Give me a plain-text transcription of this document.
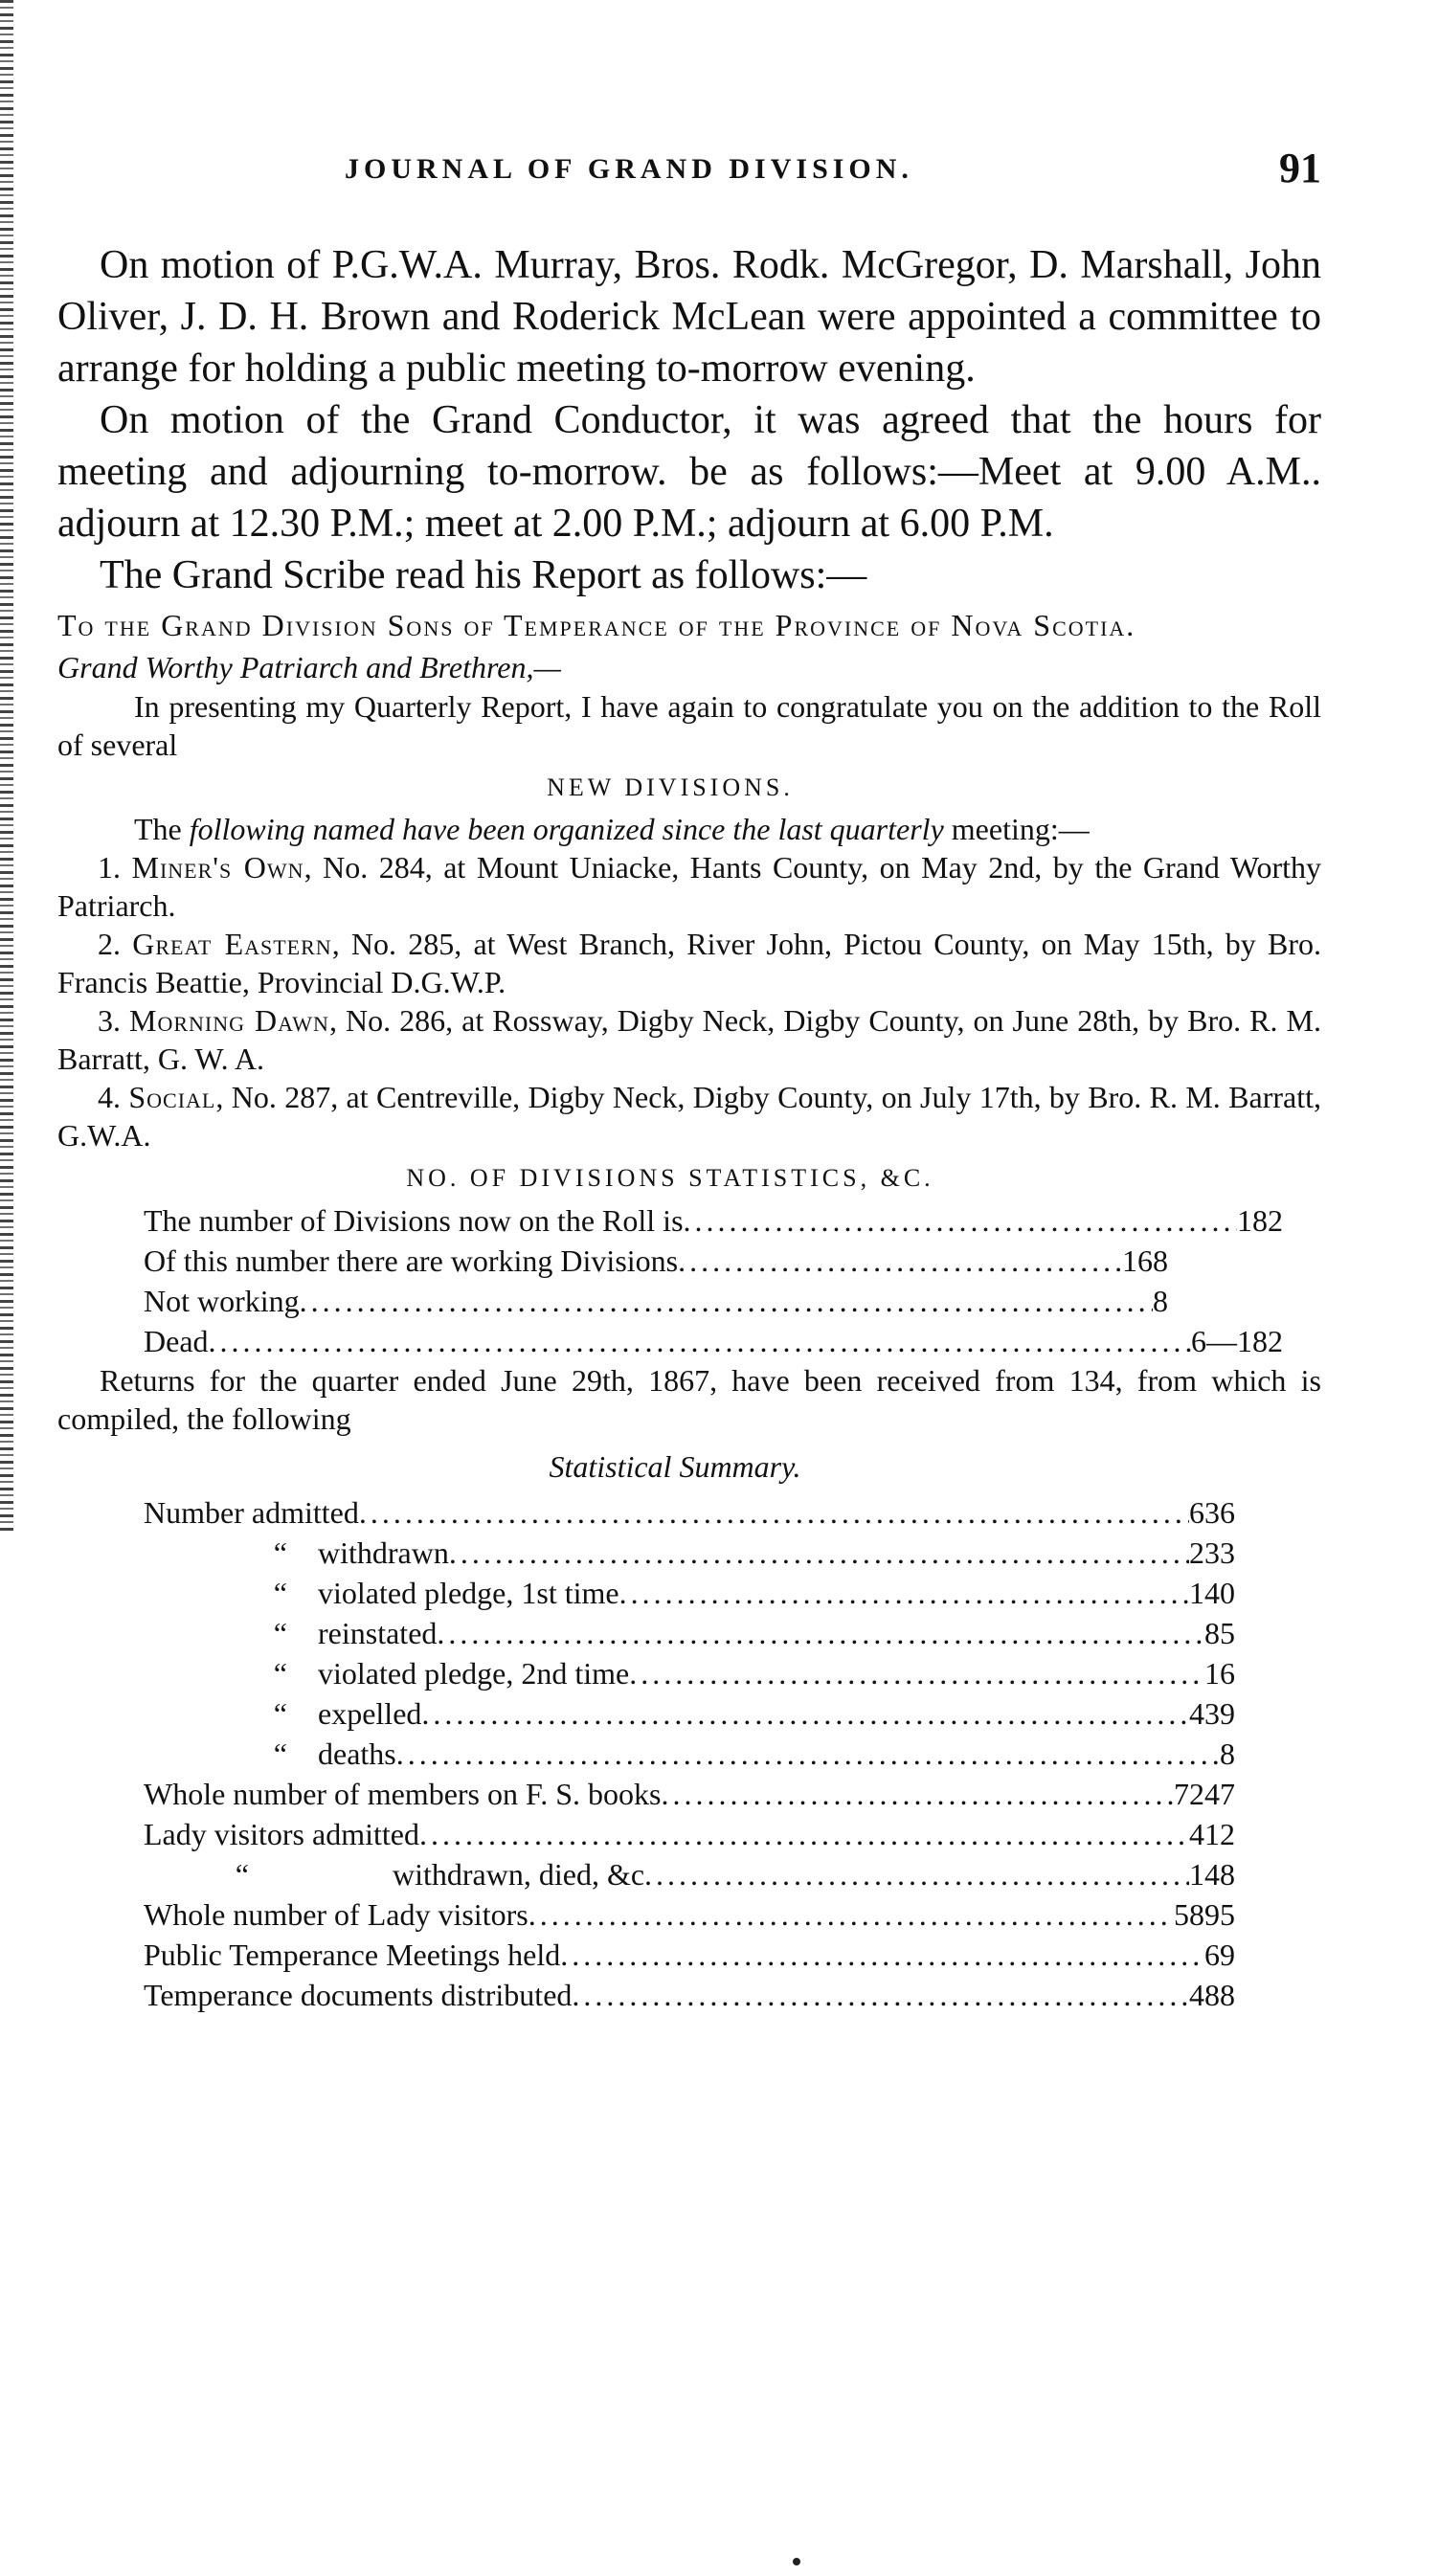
JOURNAL OF GRAND DIVISION.	91

On motion of P.G.W.A. Murray, Bros. Rodk. McGregor, D. Marshall, John Oliver, J. D. H. Brown and Roderick McLean were appointed a committee to arrange for holding a public meeting to-morrow evening.

On motion of the Grand Conductor, it was agreed that the hours for meeting and adjourning to-morrow. be as follows:—Meet at 9.00 A.M.. adjourn at 12.30 P.M.; meet at 2.00 P.M.; adjourn at 6.00 P.M.

The Grand Scribe read his Report as follows:—

To the Grand Division Sons of Temperance of the Province of Nova Scotia.

Grand Worthy Patriarch and Brethren,—

In presenting my Quarterly Report, I have again to congratulate you on the addition to the Roll of several

NEW DIVISIONS.

The following named have been organized since the last quarterly meeting:—

1. Miner's Own, No. 284, at Mount Uniacke, Hants County, on May 2nd, by the Grand Worthy Patriarch.

2. Great Eastern, No. 285, at West Branch, River John, Pictou County, on May 15th, by Bro. Francis Beattie, Provincial D.G.W.P.

3. Morning Dawn, No. 286, at Rossway, Digby Neck, Digby County, on June 28th, by Bro. R. M. Barratt, G. W. A.

4. Social, No. 287, at Centreville, Digby Neck, Digby County, on July 17th, by Bro. R. M. Barratt, G.W.A.

NO. OF DIVISIONS STATISTICS, &C.
The number of Divisions now on the Roll is .....	182
Of this number there are working Divisions .....	168
Not working .....	8
Dead .....	6—182

Returns for the quarter ended June 29th, 1867, have been received from 134, from which is compiled, the following

Statistical Summary.
Number admitted .....	636
“ withdrawn .....	233
“ violated pledge, 1st time .....	140
“ reinstated .....	85
“ violated pledge, 2nd time .....	16
“ expelled .....	439
“ deaths .....	8
Whole number of members on F. S. books .....	7247
Lady visitors admitted .....	412
“	withdrawn, died, &c .....	148
Whole number of Lady visitors .....	5895
Public Temperance Meetings held .....	69
Temperance documents distributed .....	488
